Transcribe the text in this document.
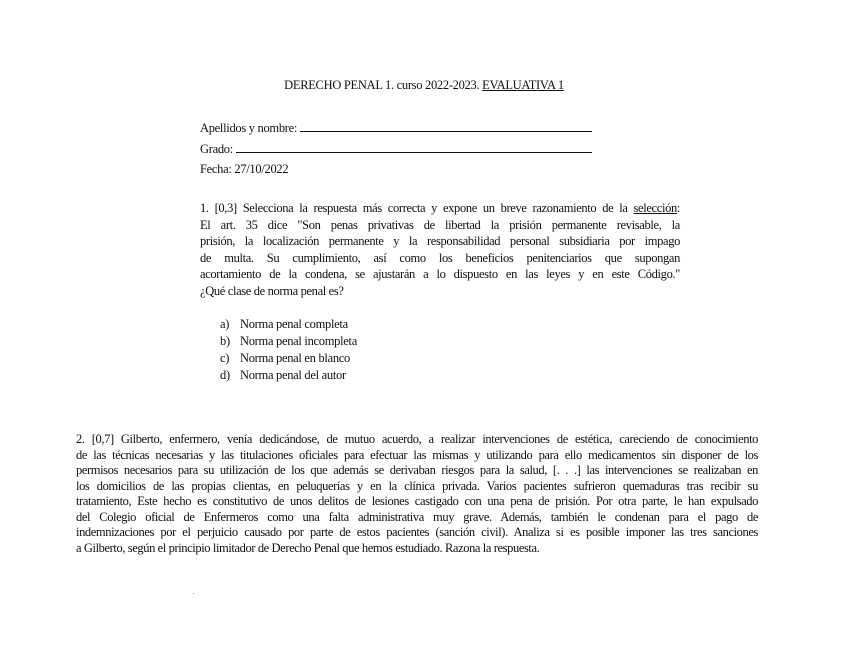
DERECHO PENAL 1. curso 2022-2023. EVALUATIVA 1
Apellidos y nombre:
Grado:
Fecha: 27/10/2022
1. [0,3] Selecciona la respuesta más correcta y expone un breve razonamiento de la selección:
El art. 35 dice "Son penas privativas de libertad la prisión permanente revisable, la
prisión, la localización permanente y la responsabilidad personal subsidiaria por impago
de multa. Su cumplimiento, así como los beneficios penitenciarios que supongan
acortamiento de la condena, se ajustarán a lo dispuesto en las leyes y en este Código."
¿Qué clase de norma penal es?
a) Norma penal completa
b) Norma penal incompleta
c) Norma penal en blanco
d) Norma penal del autor
2. [0,7] Gilberto, enfermero, venía dedicándose, de mutuo acuerdo, a realizar intervenciones de estética, careciendo de conocimiento
de las técnicas necesarias y las titulaciones oficiales para efectuar las mismas y utilizando para ello medicamentos sin disponer de los
permisos necesarios para su utilización de los que además se derivaban riesgos para la salud, [. . .] las intervenciones se realizaban en
los domicilios de las propias clientas, en peluquerías y en la clínica privada. Varios pacientes sufrieron quemaduras tras recibir su
tratamiento, Este hecho es constitutivo de unos delitos de lesiones castigado con una pena de prisión. Por otra parte, le han expulsado
del Colegio oficial de Enfermeros como una falta administrativa muy grave. Además, también le condenan para el pago de
indemnizaciones por el perjuicio causado por parte de estos pacientes (sanción civil). Analiza si es posible imponer las tres sanciones
a Gilberto, según el principio limitador de Derecho Penal que hemos estudiado. Razona la respuesta.
